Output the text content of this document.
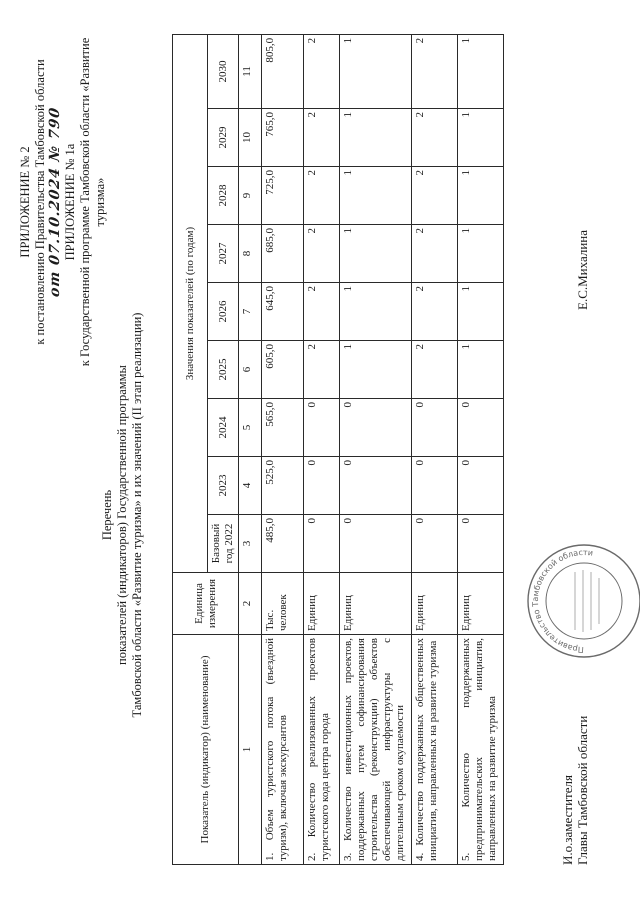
ПРИЛОЖЕНИЕ № 2 к постановлению Правительства Тамбовской области от 07.10.2024 № 790 ПРИЛОЖЕНИЕ № 1а к Государственной программе Тамбовской области «Развитие туризма»
Перечень показателей (индикаторов) Государственной программы Тамбовской области «Развитие туризма» и их значений (II этап реализации)
Показатель (индикатор) (наименование)	Единица измерения	Значения показателей (по годам)								
		Базовый год 2022	2023	2024	2025	2026	2027	2028	2029	2030
1	2	3	4	5	6	7	8	9	10	11
1. Объем туристского потока (въездной туризм), включая экскурсантов	Тыс. человек	485,0	525,0	565,0	605,0	645,0	685,0	725,0	765,0	805,0
2. Количество реализованных проектов туристского кода центра города	Единиц	0	0	0	2	2	2	2	2	2
3. Количество инвестиционных проектов, поддержанных путем софинансирования строительства (реконструкции) объектов обеспечивающей инфраструктуры с длительным сроком окупаемости	Единиц	0	0	0	1	1	1	1	1	1
4. Количество поддержанных общественных инициатив, направленных на развитие туризма	Единиц	0	0	0	2	2	2	2	2	2
5. Количество поддержанных предпринимательских инициатив, направленных на развитие туризма	Единиц	0	0	0	1	1	1	1	1	1
И.о.заместителя Главы Тамбовской области
Е.С.Михалина
Правительство Тамбовской области
